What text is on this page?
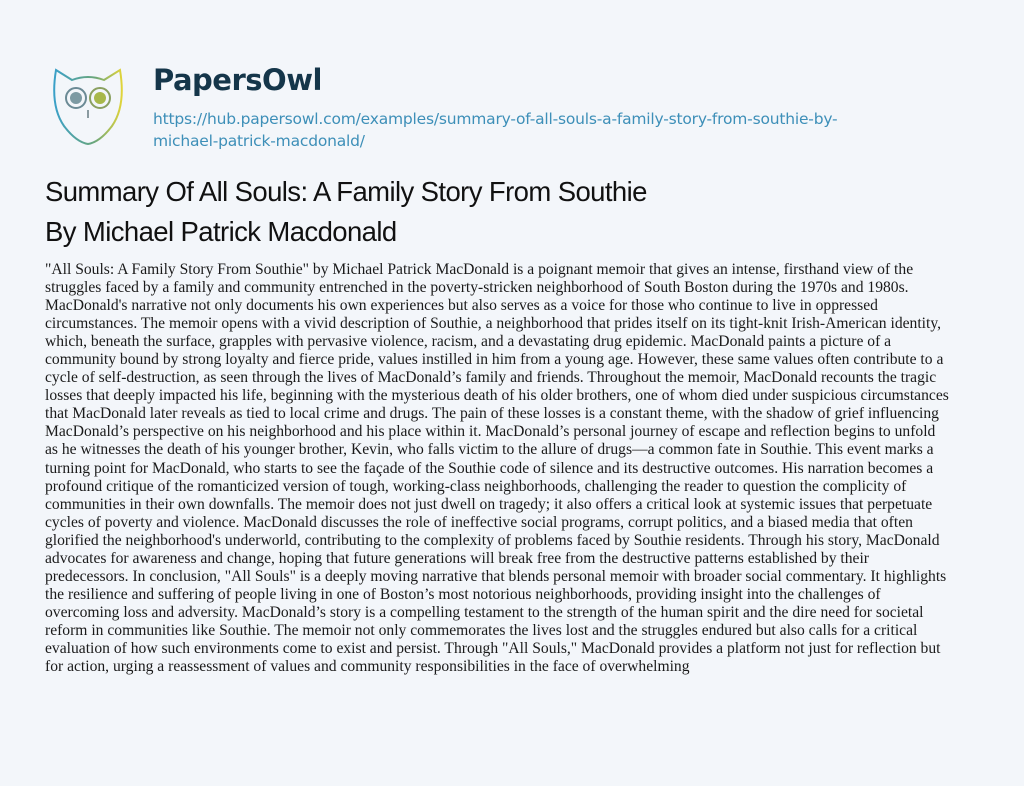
PapersOwl
https://hub.papersowl.com/examples/summary-of-all-souls-a-family-story-from-southie-by-
michael-patrick-macdonald/
Summary Of All Souls: A Family Story From Southie
By Michael Patrick Macdonald
"All Souls: A Family Story From Southie" by Michael Patrick MacDonald is a poignant memoir that gives an intense, firsthand view of the
struggles faced by a family and community entrenched in the poverty-stricken neighborhood of South Boston during the 1970s and 1980s.
MacDonald's narrative not only documents his own experiences but also serves as a voice for those who continue to live in oppressed
circumstances. The memoir opens with a vivid description of Southie, a neighborhood that prides itself on its tight-knit Irish-American identity,
which, beneath the surface, grapples with pervasive violence, racism, and a devastating drug epidemic. MacDonald paints a picture of a
community bound by strong loyalty and fierce pride, values instilled in him from a young age. However, these same values often contribute to a
cycle of self-destruction, as seen through the lives of MacDonald’s family and friends. Throughout the memoir, MacDonald recounts the tragic
losses that deeply impacted his life, beginning with the mysterious death of his older brothers, one of whom died under suspicious circumstances
that MacDonald later reveals as tied to local crime and drugs. The pain of these losses is a constant theme, with the shadow of grief influencing
MacDonald’s perspective on his neighborhood and his place within it. MacDonald’s personal journey of escape and reflection begins to unfold
as he witnesses the death of his younger brother, Kevin, who falls victim to the allure of drugs—a common fate in Southie. This event marks a
turning point for MacDonald, who starts to see the façade of the Southie code of silence and its destructive outcomes. His narration becomes a
profound critique of the romanticized version of tough, working-class neighborhoods, challenging the reader to question the complicity of
communities in their own downfalls. The memoir does not just dwell on tragedy; it also offers a critical look at systemic issues that perpetuate
cycles of poverty and violence. MacDonald discusses the role of ineffective social programs, corrupt politics, and a biased media that often
glorified the neighborhood's underworld, contributing to the complexity of problems faced by Southie residents. Through his story, MacDonald
advocates for awareness and change, hoping that future generations will break free from the destructive patterns established by their
predecessors. In conclusion, "All Souls" is a deeply moving narrative that blends personal memoir with broader social commentary. It highlights
the resilience and suffering of people living in one of Boston’s most notorious neighborhoods, providing insight into the challenges of
overcoming loss and adversity. MacDonald’s story is a compelling testament to the strength of the human spirit and the dire need for societal
reform in communities like Southie. The memoir not only commemorates the lives lost and the struggles endured but also calls for a critical
evaluation of how such environments come to exist and persist. Through "All Souls," MacDonald provides a platform not just for reflection but
for action, urging a reassessment of values and community responsibilities in the face of overwhelming
